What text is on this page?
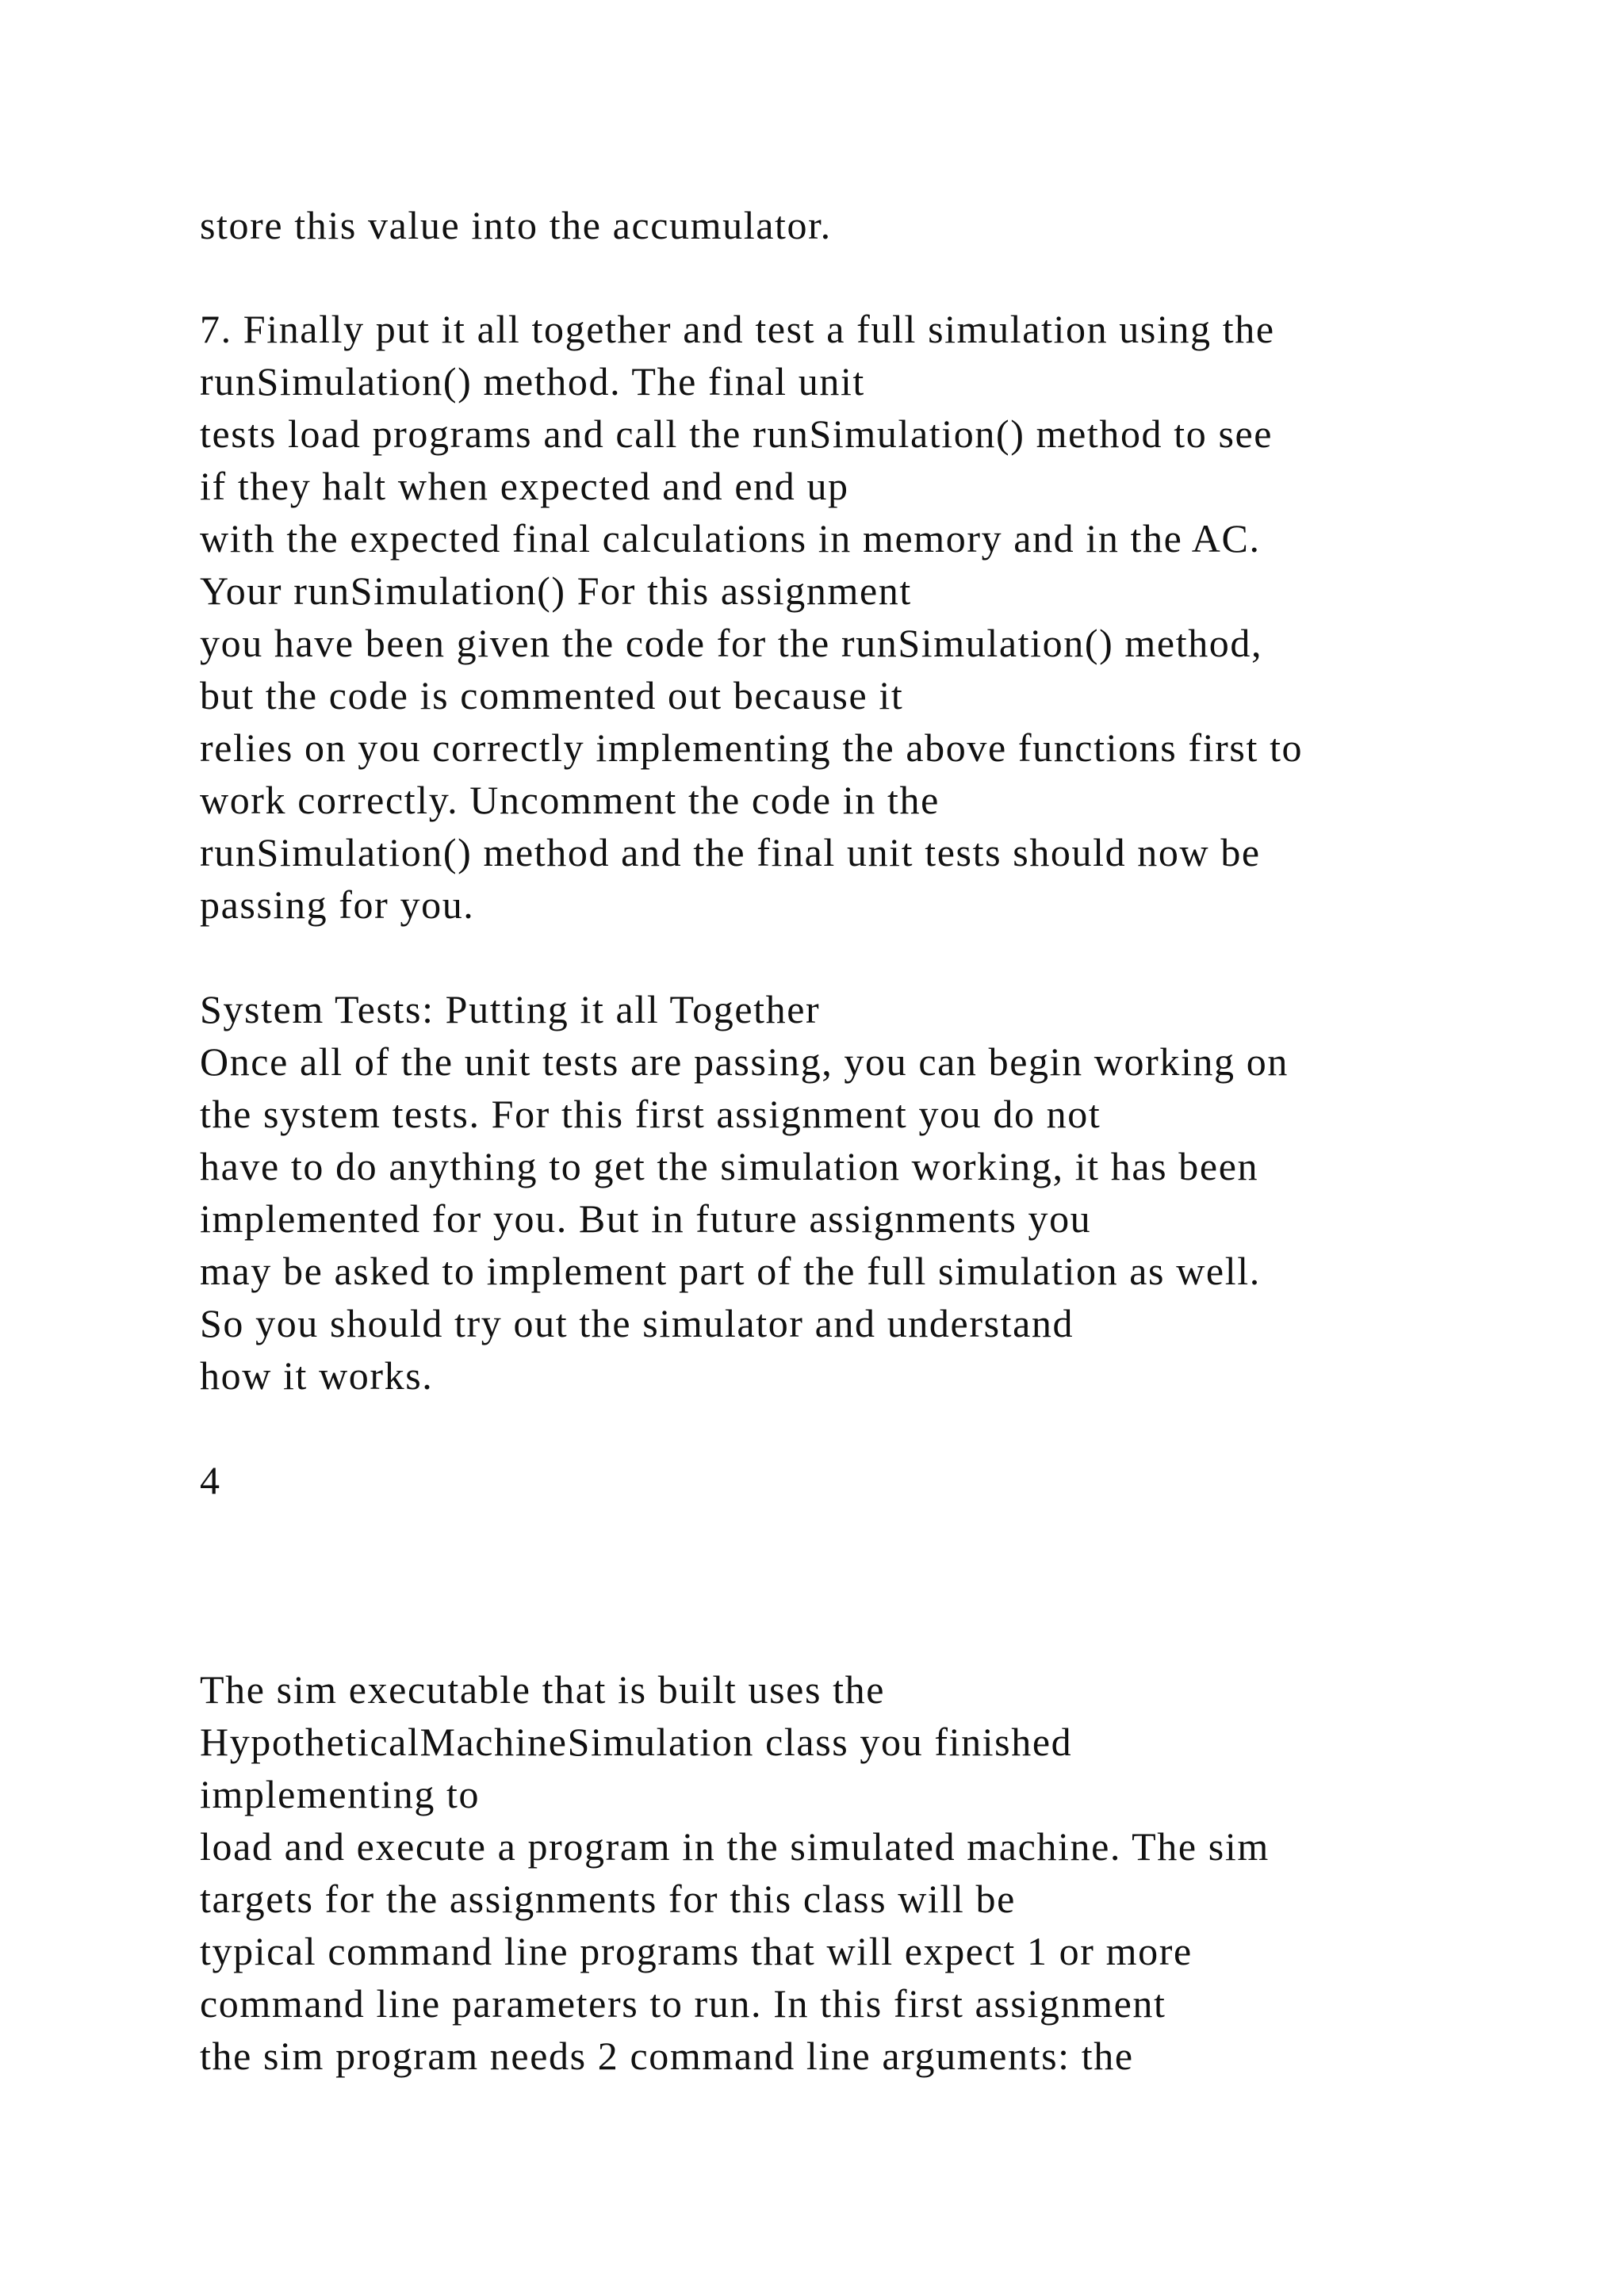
store this value into the accumulator.
7. Finally put it all together and test a full simulation using the
runSimulation() method. The final unit
tests load programs and call the runSimulation() method to see
if they halt when expected and end up
with the expected final calculations in memory and in the AC.
Your runSimulation() For this assignment
you have been given the code for the runSimulation() method,
but the code is commented out because it
relies on you correctly implementing the above functions first to
work correctly. Uncomment the code in the
runSimulation() method and the final unit tests should now be
passing for you.
System Tests: Putting it all Together
Once all of the unit tests are passing, you can begin working on
the system tests. For this first assignment you do not
have to do anything to get the simulation working, it has been
implemented for you. But in future assignments you
may be asked to implement part of the full simulation as well.
So you should try out the simulator and understand
how it works.
4
The sim executable that is built uses the
HypotheticalMachineSimulation class you finished
implementing to
load and execute a program in the simulated machine. The sim
targets for the assignments for this class will be
typical command line programs that will expect 1 or more
command line parameters to run. In this first assignment
the sim program needs 2 command line arguments: the
